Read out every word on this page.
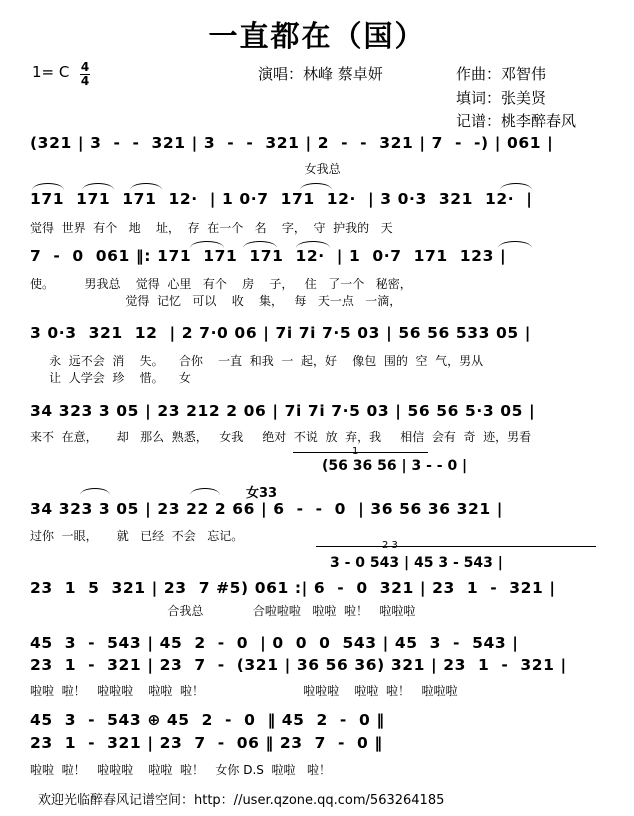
一直都在（国）
1= C 4
4	演唱：林峰 蔡卓妍	作曲：邓智伟
填词：张美贤
记谱：桃李醉春风
(321 | 3  -  -  321 | 3  -  -  321 | 2  -  -  321 | 7  -  -) | 061 |
女我总
171  171  171  12·  | 1 0·7  171  12·  | 3 0·3  321  12·  |
觉得  世界  有个   地    址，  存  在一个   名    字，  守  护我的   天
7  -  0  061 ‖: 171  171  171  12·  | 1  0·7  171  123 |
使。        男我总    觉得  心里   有个    房    子，   住   了一个   秘密，
觉得  记忆   可以    收    集，   每   天一点   一滴，
3 0·3  321  12  | 2 7·0 06 | 7i 7i 7·5 03 | 56 56 533 05 |
永  远不会  消    失。    合你    一直  和我  一  起，好    像包  围的  空  气，男从
让  人学会  珍    惜。    女
34 323 3 05 | 23 212 2 06 | 7i 7i 7·5 03 | 56 56 5·3 05 |
来不  在意，     却   那么  熟悉，   女我     绝对  不说  放  弃，我     相信  会有  奇  迹，男看
1
(56 36 56 | 3 - - 0 |
女33
34 323 3 05 | 23 22 2 66 | 6  -  -  0  | 36 56 36 321 |
过你  一眼，     就   已经  不会   忘记。
2 3
3 - 0 543 | 45 3 - 543 |
23  1  5  321 | 23  7 #5) 061 :| 6  -  0  321 | 23  1  -  321 |
合我总             合啦啦啦   啦啦  啦！   啦啦啦
45  3  -  543 | 45  2  -  0  | 0  0  0  543 | 45  3  -  543 |
23  1  -  321 | 23  7  -  (321 | 36 56 36) 321 | 23  1  -  321 |
啦啦  啦！   啦啦啦    啦啦  啦！                          啦啦啦    啦啦  啦！   啦啦啦
45  3  -  543 ⊕ 45  2  -  0  ‖ 45  2  -  0 ‖
23  1  -  321 | 23  7  -  06 ‖ 23  7  -  0 ‖
啦啦  啦！   啦啦啦    啦啦  啦！   女你 D.S  啦啦   啦！
欢迎光临醉春风记谱空间：http：//user.qzone.qq.com/563264185
